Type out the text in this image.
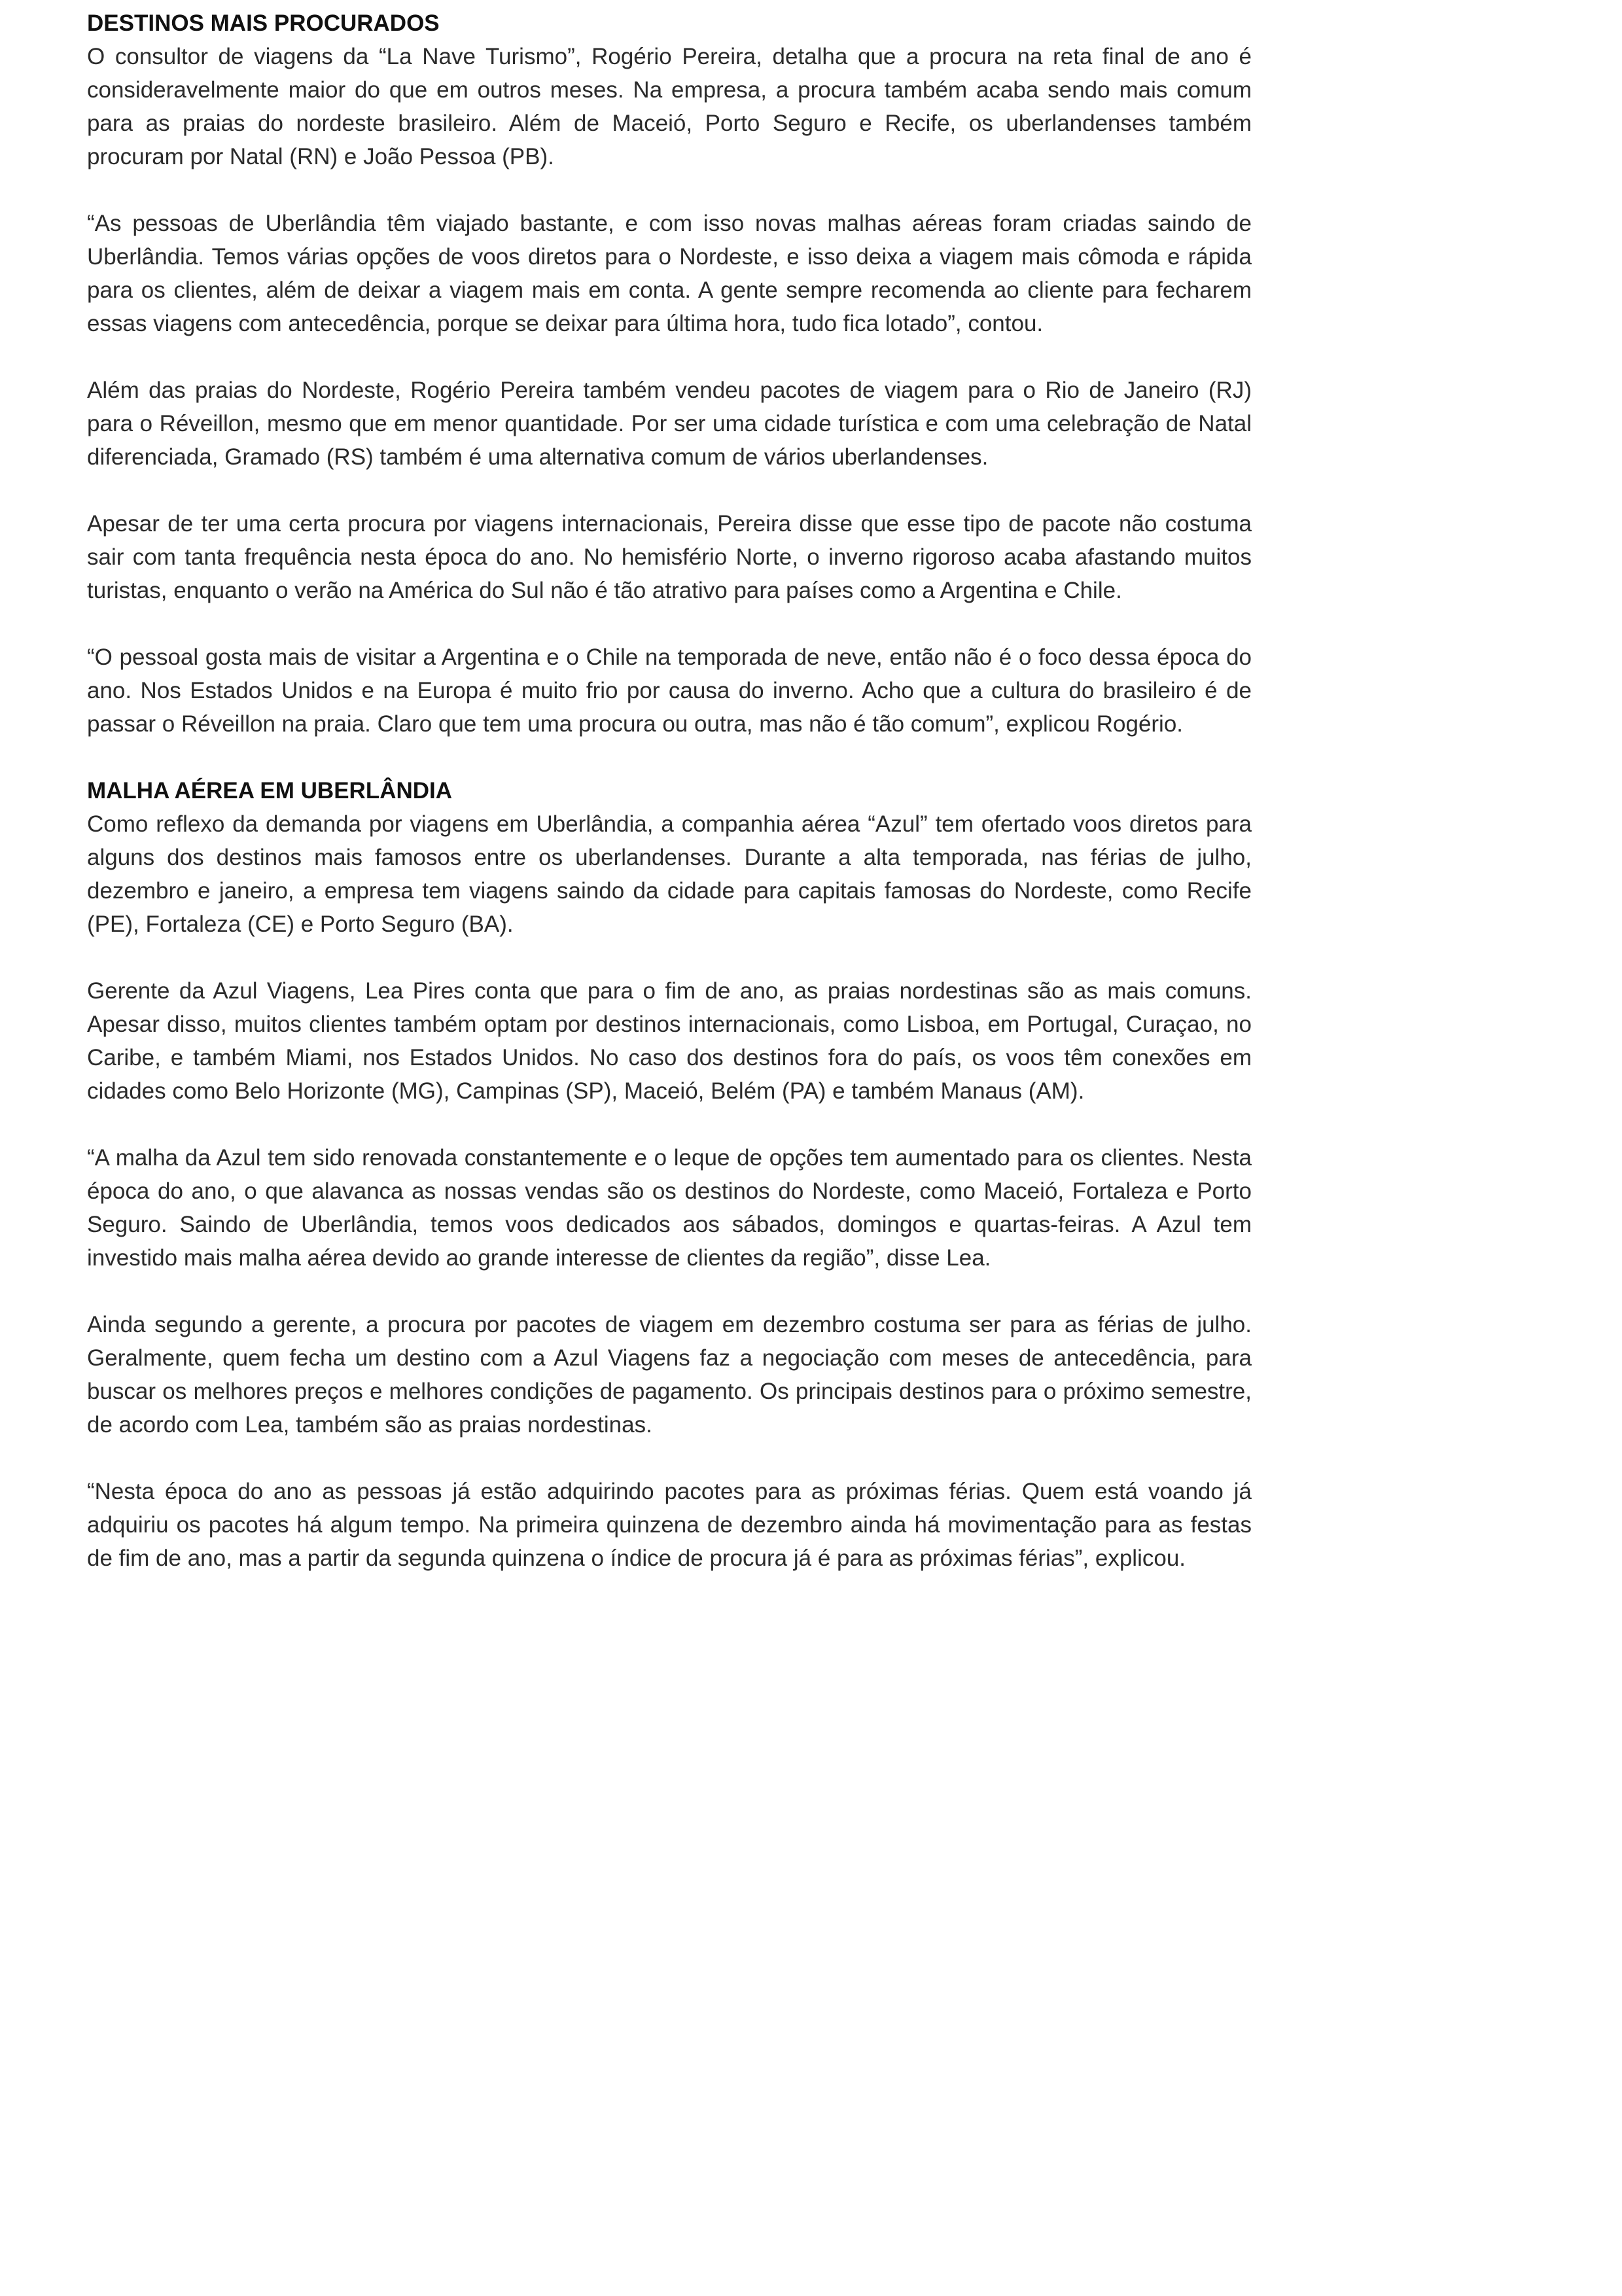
DESTINOS MAIS PROCURADOS

O consultor de viagens da “La Nave Turismo”, Rogério Pereira, detalha que a procura na reta final de ano é consideravelmente maior do que em outros meses. Na empresa, a procura também acaba sendo mais comum para as praias do nordeste brasileiro. Além de Maceió, Porto Seguro e Recife, os uberlandenses também procuram por Natal (RN) e João Pessoa (PB).

“As pessoas de Uberlândia têm viajado bastante, e com isso novas malhas aéreas foram criadas saindo de Uberlândia. Temos várias opções de voos diretos para o Nordeste, e isso deixa a viagem mais cômoda e rápida para os clientes, além de deixar a viagem mais em conta. A gente sempre recomenda ao cliente para fecharem essas viagens com antecedência, porque se deixar para última hora, tudo fica lotado”, contou.

Além das praias do Nordeste, Rogério Pereira também vendeu pacotes de viagem para o Rio de Janeiro (RJ) para o Réveillon, mesmo que em menor quantidade. Por ser uma cidade turística e com uma celebração de Natal diferenciada, Gramado (RS) também é uma alternativa comum de vários uberlandenses.

Apesar de ter uma certa procura por viagens internacionais, Pereira disse que esse tipo de pacote não costuma sair com tanta frequência nesta época do ano. No hemisfério Norte, o inverno rigoroso acaba afastando muitos turistas, enquanto o verão na América do Sul não é tão atrativo para países como a Argentina e Chile.

“O pessoal gosta mais de visitar a Argentina e o Chile na temporada de neve, então não é o foco dessa época do ano. Nos Estados Unidos e na Europa é muito frio por causa do inverno. Acho que a cultura do brasileiro é de passar o Réveillon na praia. Claro que tem uma procura ou outra, mas não é tão comum”, explicou Rogério.

MALHA AÉREA EM UBERLÂNDIA

Como reflexo da demanda por viagens em Uberlândia, a companhia aérea “Azul” tem ofertado voos diretos para alguns dos destinos mais famosos entre os uberlandenses. Durante a alta temporada, nas férias de julho, dezembro e janeiro, a empresa tem viagens saindo da cidade para capitais famosas do Nordeste, como Recife (PE), Fortaleza (CE) e Porto Seguro (BA).

Gerente da Azul Viagens, Lea Pires conta que para o fim de ano, as praias nordestinas são as mais comuns. Apesar disso, muitos clientes também optam por destinos internacionais, como Lisboa, em Portugal, Curaçao, no Caribe, e também Miami, nos Estados Unidos. No caso dos destinos fora do país, os voos têm conexões em cidades como Belo Horizonte (MG), Campinas (SP), Maceió, Belém (PA) e também Manaus (AM).

“A malha da Azul tem sido renovada constantemente e o leque de opções tem aumentado para os clientes. Nesta época do ano, o que alavanca as nossas vendas são os destinos do Nordeste, como Maceió, Fortaleza e Porto Seguro. Saindo de Uberlândia, temos voos dedicados aos sábados, domingos e quartas-feiras. A Azul tem investido mais malha aérea devido ao grande interesse de clientes da região”, disse Lea.

Ainda segundo a gerente, a procura por pacotes de viagem em dezembro costuma ser para as férias de julho. Geralmente, quem fecha um destino com a Azul Viagens faz a negociação com meses de antecedência, para buscar os melhores preços e melhores condições de pagamento. Os principais destinos para o próximo semestre, de acordo com Lea, também são as praias nordestinas.

“Nesta época do ano as pessoas já estão adquirindo pacotes para as próximas férias. Quem está voando já adquiriu os pacotes há algum tempo. Na primeira quinzena de dezembro ainda há movimentação para as festas de fim de ano, mas a partir da segunda quinzena o índice de procura já é para as próximas férias”, explicou.
